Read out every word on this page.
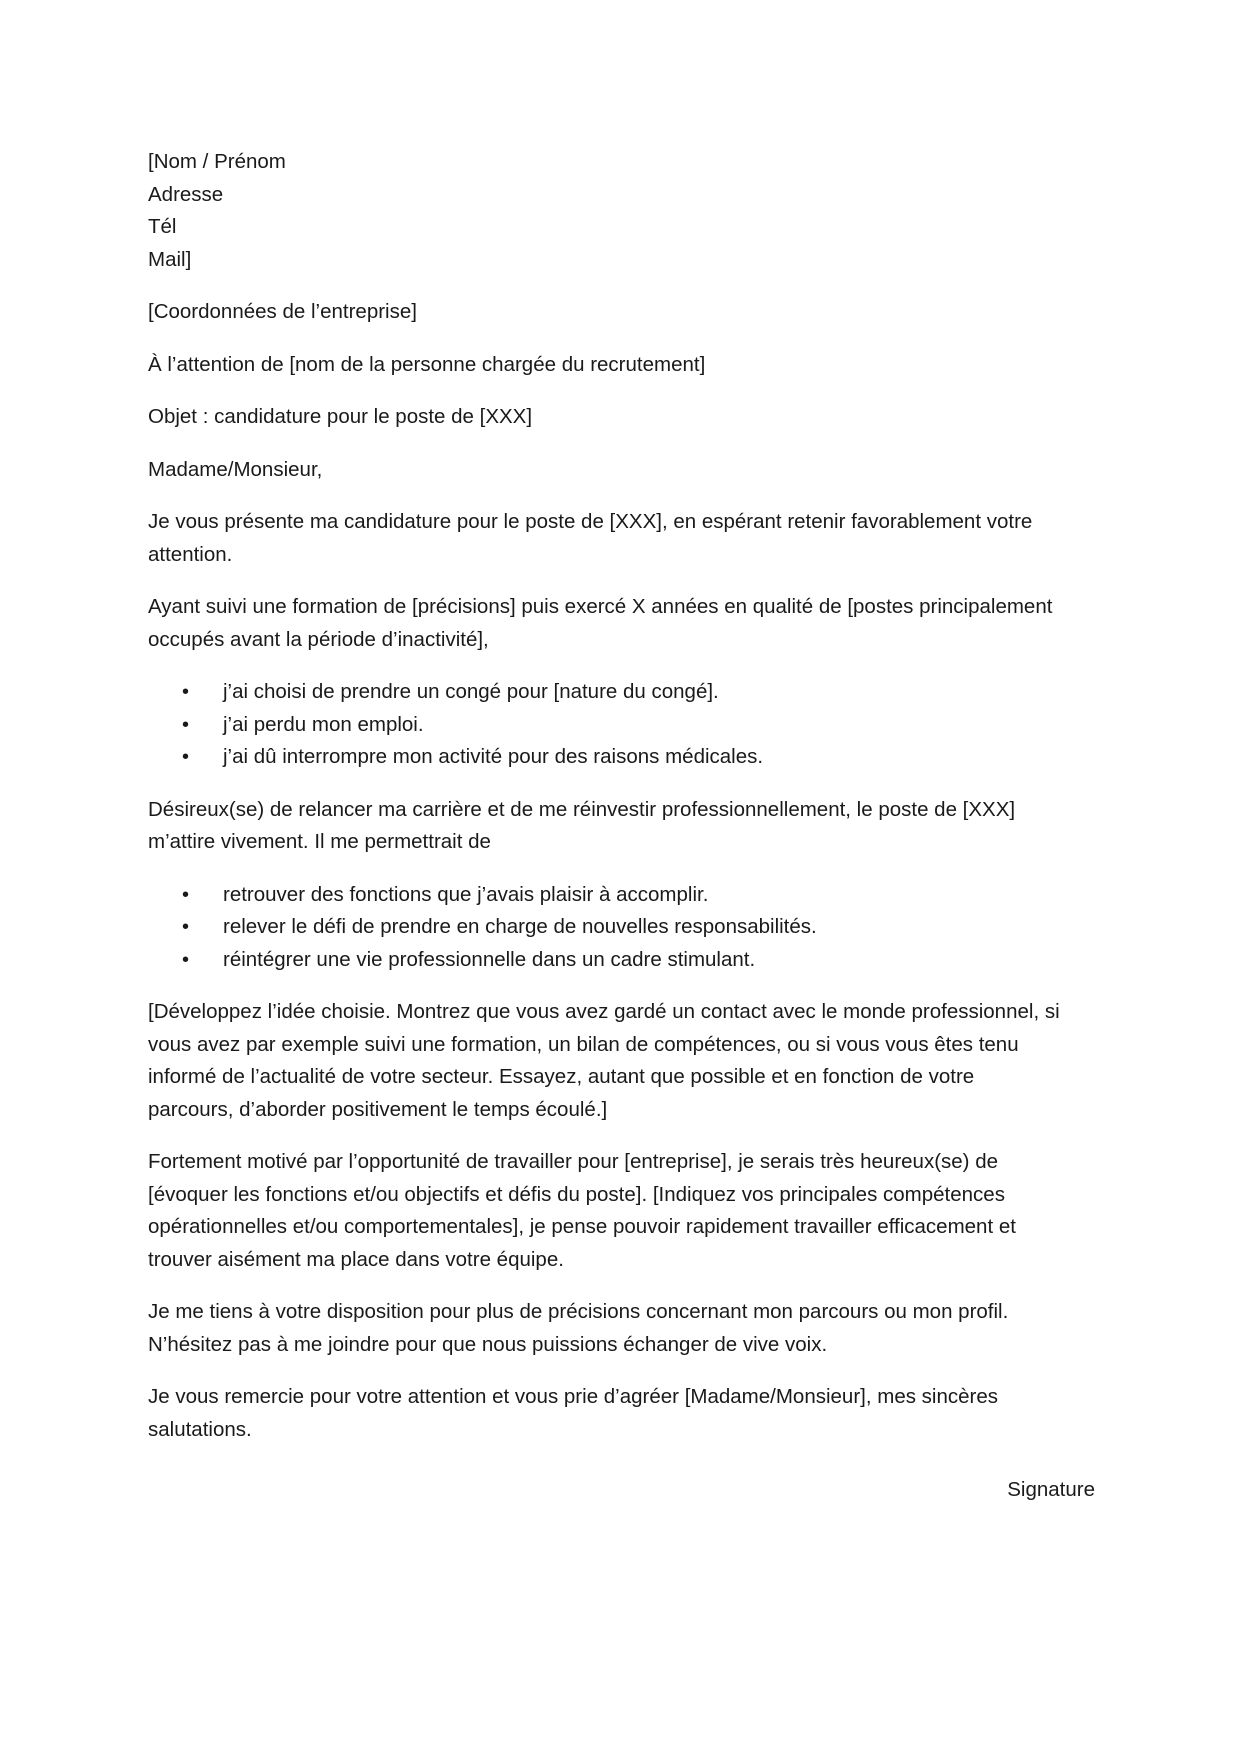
[Nom / Prénom
Adresse
Tél
Mail]

[Coordonnées de l’entreprise]

À l’attention de [nom de la personne chargée du recrutement]

Objet : candidature pour le poste de [XXX]

Madame/Monsieur,

Je vous présente ma candidature pour le poste de [XXX], en espérant retenir favorablement votre
attention.

Ayant suivi une formation de [précisions] puis exercé X années en qualité de [postes principalement
occupés avant la période d’inactivité],

• j’ai choisi de prendre un congé pour [nature du congé].
• j’ai perdu mon emploi.
• j’ai dû interrompre mon activité pour des raisons médicales.

Désireux(se) de relancer ma carrière et de me réinvestir professionnellement, le poste de [XXX]
m’attire vivement. Il me permettrait de

• retrouver des fonctions que j’avais plaisir à accomplir.
• relever le défi de prendre en charge de nouvelles responsabilités.
• réintégrer une vie professionnelle dans un cadre stimulant.

[Développez l’idée choisie. Montrez que vous avez gardé un contact avec le monde professionnel, si
vous avez par exemple suivi une formation, un bilan de compétences, ou si vous vous êtes tenu
informé de l’actualité de votre secteur. Essayez, autant que possible et en fonction de votre
parcours, d’aborder positivement le temps écoulé.]

Fortement motivé par l’opportunité de travailler pour [entreprise], je serais très heureux(se) de
[évoquer les fonctions et/ou objectifs et défis du poste]. [Indiquez vos principales compétences
opérationnelles et/ou comportementales], je pense pouvoir rapidement travailler efficacement et
trouver aisément ma place dans votre équipe.

Je me tiens à votre disposition pour plus de précisions concernant mon parcours ou mon profil.
N’hésitez pas à me joindre pour que nous puissions échanger de vive voix.

Je vous remercie pour votre attention et vous prie d’agréer [Madame/Monsieur], mes sincères
salutations.

Signature
